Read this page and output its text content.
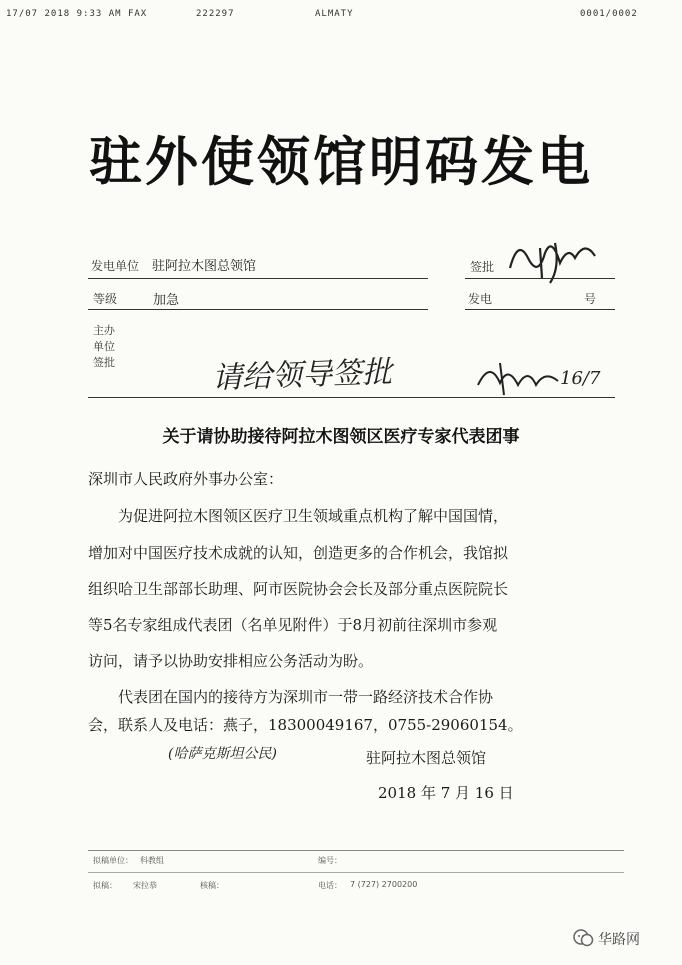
17/07 2018 9:33 AM FAX	222297	ALMATY	0001/0002
驻外使领馆明码发电
发电单位 驻阿拉木图总领馆	签批
等级	加急	发电	号
主办
单位
签批	请给领导签批	16/7
关于请协助接待阿拉木图领区医疗专家代表团事
深圳市人民政府外事办公室：
为促进阿拉木图领区医疗卫生领域重点机构了解中国国情，
增加对中国医疗技术成就的认知，创造更多的合作机会，我馆拟
组织哈卫生部部长助理、阿市医院协会会长及部分重点医院院长
等5名专家组成代表团（名单见附件）于8月初前往深圳市参观
访问，请予以协助安排相应公务活动为盼。
代表团在国内的接待方为深圳市一带一路经济技术合作协
会，联系人及电话：燕子，18300049167，0755-29060154。
(哈萨克斯坦公民)	驻阿拉木图总领馆
2018 年 7 月 16 日
拟稿单位： 科教组	编号：
拟稿： 宋拉恭	核稿：	电话： 7 (727) 2700200
华路网
